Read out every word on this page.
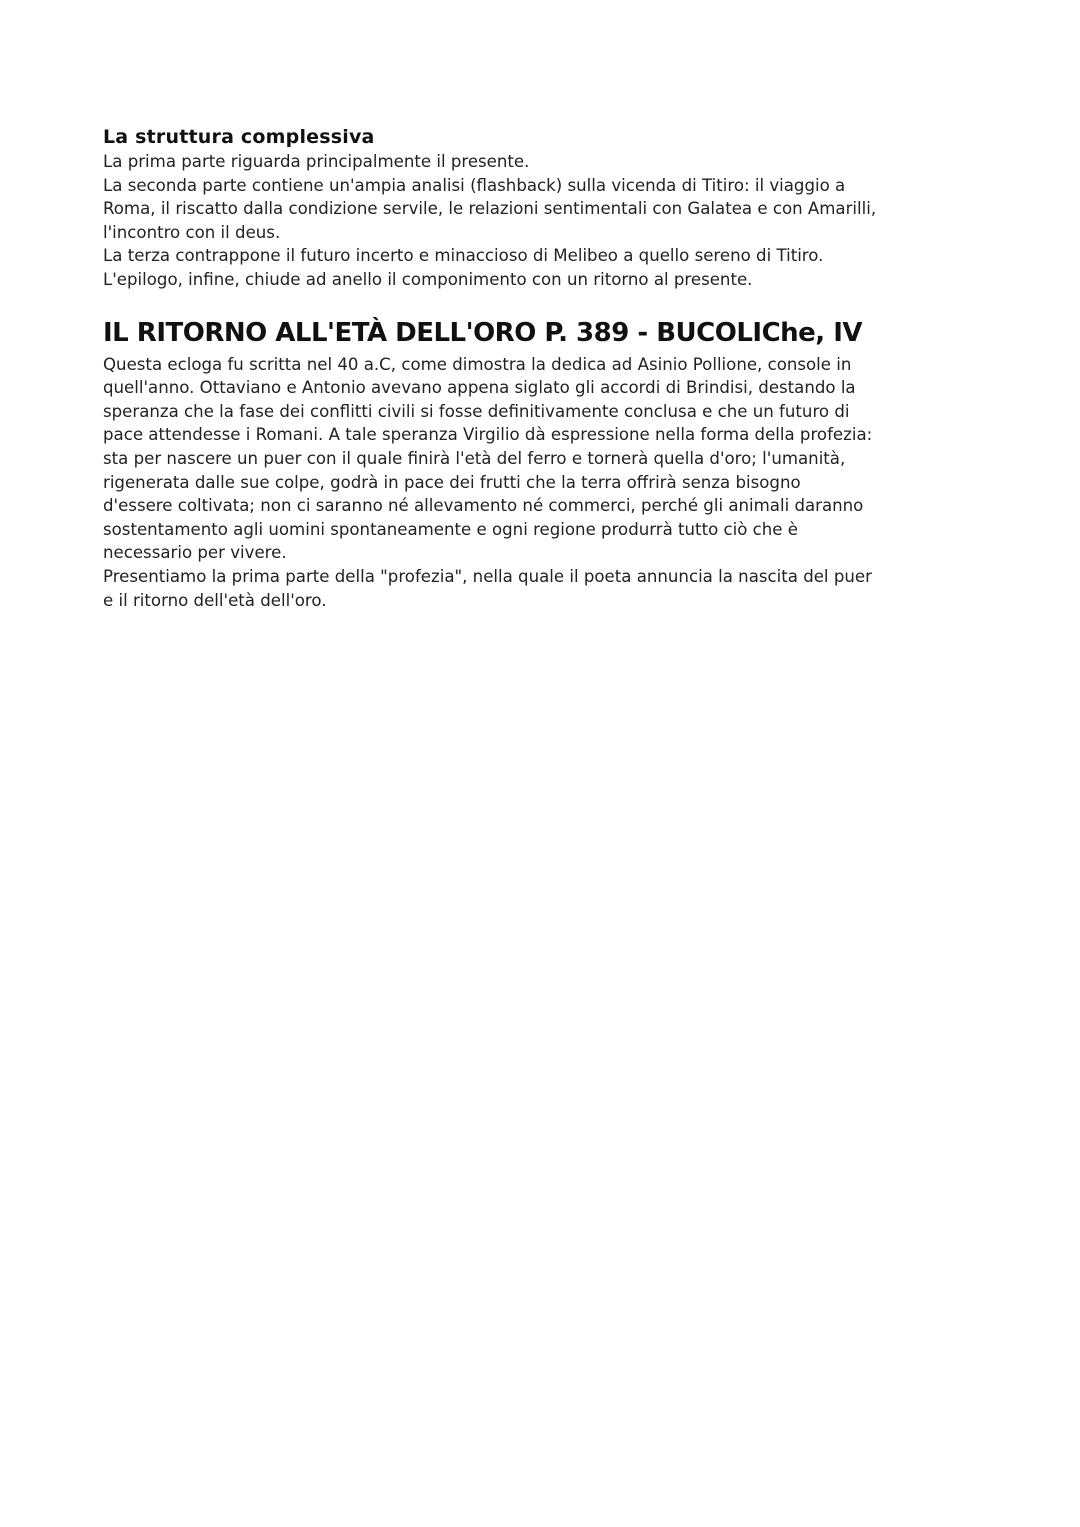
La struttura complessiva
La prima parte riguarda principalmente il presente.
La seconda parte contiene un'ampia analisi (flashback) sulla vicenda di Titiro: il viaggio a
Roma, il riscatto dalla condizione servile, le relazioni sentimentali con Galatea e con Amarilli,
l'incontro con il deus.
La terza contrappone il futuro incerto e minaccioso di Melibeo a quello sereno di Titiro.
L'epilogo, infine, chiude ad anello il componimento con un ritorno al presente.
IL RITORNO ALL'ETÀ DELL'ORO P. 389 - BUCOLIChe, IV
Questa ecloga fu scritta nel 40 a.C, come dimostra la dedica ad Asinio Pollione, console in
quell'anno. Ottaviano e Antonio avevano appena siglato gli accordi di Brindisi, destando la
speranza che la fase dei conflitti civili si fosse definitivamente conclusa e che un futuro di
pace attendesse i Romani. A tale speranza Virgilio dà espressione nella forma della profezia:
sta per nascere un puer con il quale finirà l'età del ferro e tornerà quella d'oro; l'umanità,
rigenerata dalle sue colpe, godrà in pace dei frutti che la terra offrirà senza bisogno
d'essere coltivata; non ci saranno né allevamento né commerci, perché gli animali daranno
sostentamento agli uomini spontaneamente e ogni regione produrrà tutto ciò che è
necessario per vivere.
Presentiamo la prima parte della "profezia", nella quale il poeta annuncia la nascita del puer
e il ritorno dell'età dell'oro.
